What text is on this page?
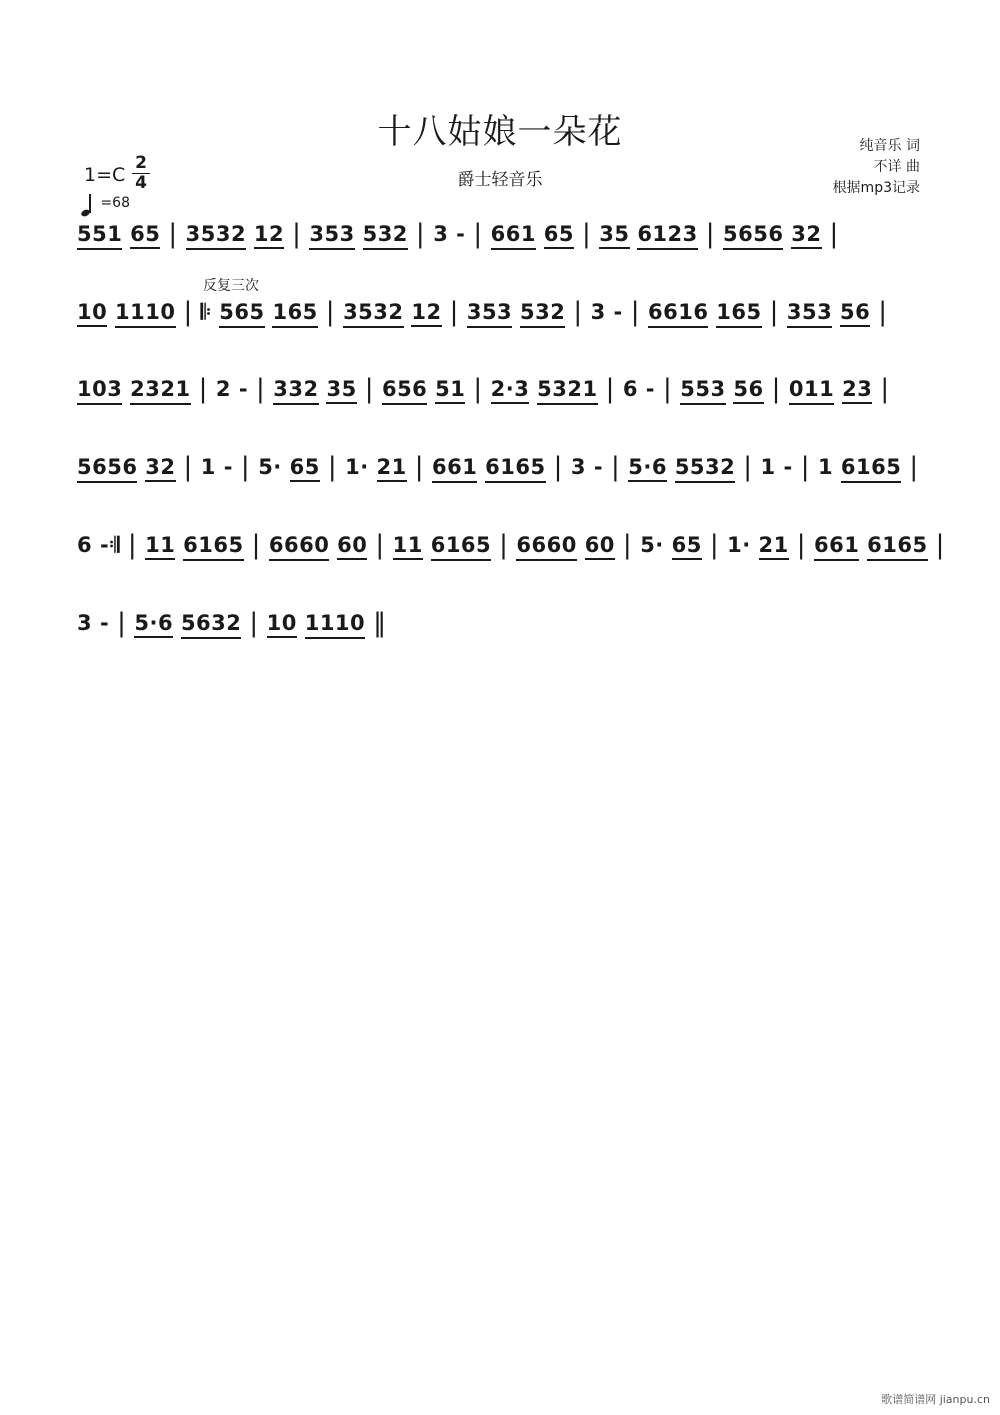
十八姑娘一朵花
爵士轻音乐
纯音乐 词
不详 曲
根据mp3记录
$1=C \frac{2}{4}$
=68
反复三次
551 65 | 3532 12 | 353 532 | 3 - | 661 65 | 35 6123 | 5656 32 |
10 1110 | 𝄆 565 165 | 3532 12 | 353 532 | 3 - | 6616 165 | 353 56 |
103 2321 | 2 - | 332 35 | 656 51 | 2·3 5321 | 6 - | 553 56 | 011 23 |
5656 32 | 1 - | 5· 65 | 1· 21 | 661 6165 | 3 - | 5·6 5532 | 1 - | 1 6165 |
6 -𝄇 | 11 6165 | 6660 60 | 11 6165 | 6660 60 | 5· 65 | 1· 21 | 661 6165 |
3 - | 5·6 5632 | 10 1110 ‖
歌谱简谱网 jianpu.cn
